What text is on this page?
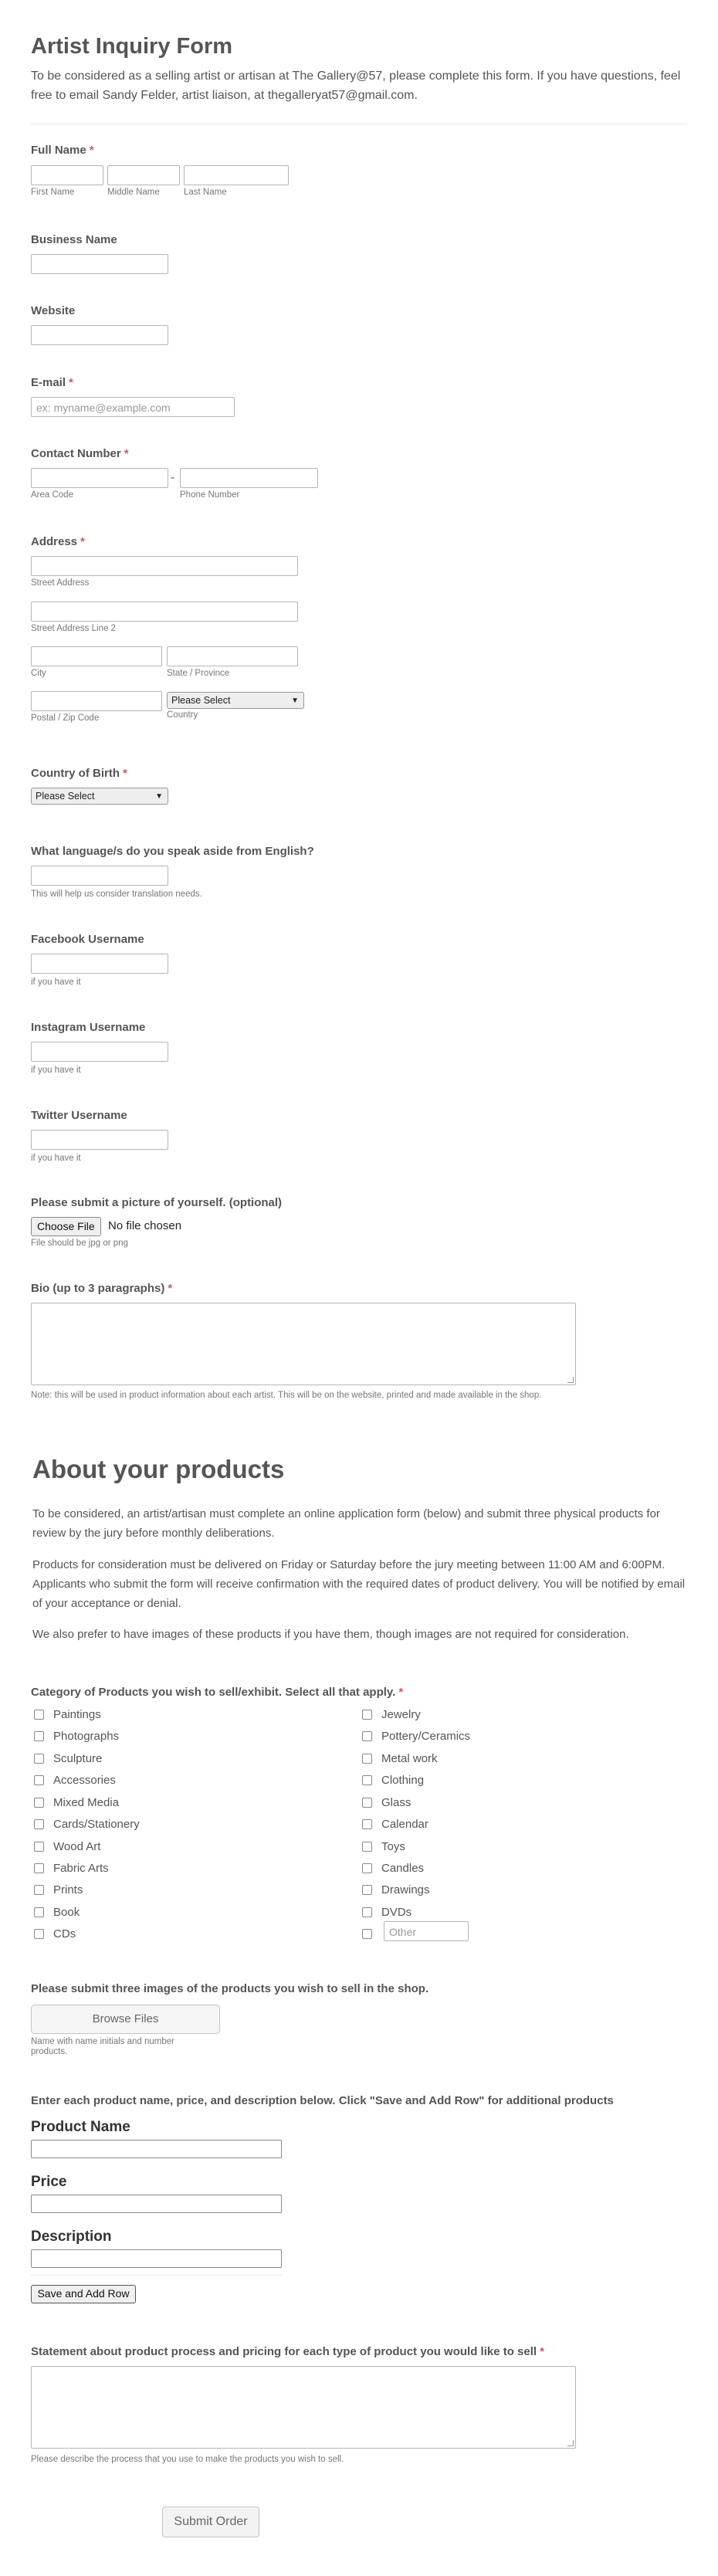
Artist Inquiry Form
To be considered as a selling artist or artisan at The Gallery@57, please complete this form. If you have questions, feel free to email Sandy Felder, artist liaison, at thegalleryat57@gmail.com.
Full Name *
First Name	Middle Name	Last Name
Business Name
Website
E-mail *
ex: myname@example.com
Contact Number *
-
Area Code	Phone Number
Address *
Street Address
Street Address Line 2
City	State / Province
Please Select	▼
Postal / Zip Code	Country
Country of Birth *
Please Select	▼
What language/s do you speak aside from English?
This will help us consider translation needs.
Facebook Username
if you have it
Instagram Username
if you have it
Twitter Username
if you have it
Please submit a picture of yourself. (optional)
Choose File	No file chosen
File should be jpg or png
Bio (up to 3 paragraphs) *
Note: this will be used in product information about each artist. This will be on the website, printed and made available in the shop.
About your products
To be considered, an artist/artisan must complete an online application form (below) and submit three physical products for review by the jury before monthly deliberations.
Products for consideration must be delivered on Friday or Saturday before the jury meeting between 11:00 AM and 6:00PM. Applicants who submit the form will receive confirmation with the required dates of product delivery. You will be notified by email of your acceptance or denial.
We also prefer to have images of these products if you have them, though images are not required for consideration.
Category of Products you wish to sell/exhibit. Select all that apply. *
Paintings
Photographs
Sculpture
Accessories
Mixed Media
Cards/Stationery
Wood Art
Fabric Arts
Prints
Book
CDs
Jewelry
Pottery/Ceramics
Metal work
Clothing
Glass
Calendar
Toys
Candles
Drawings
DVDs
Other
Please submit three images of the products you wish to sell in the shop.
Browse Files
Name with name initials and number products.
Enter each product name, price, and description below. Click "Save and Add Row" for additional products
Product Name
Price
Description
Save and Add Row
Statement about product process and pricing for each type of product you would like to sell *
Please describe the process that you use to make the products you wish to sell.
Submit Order
